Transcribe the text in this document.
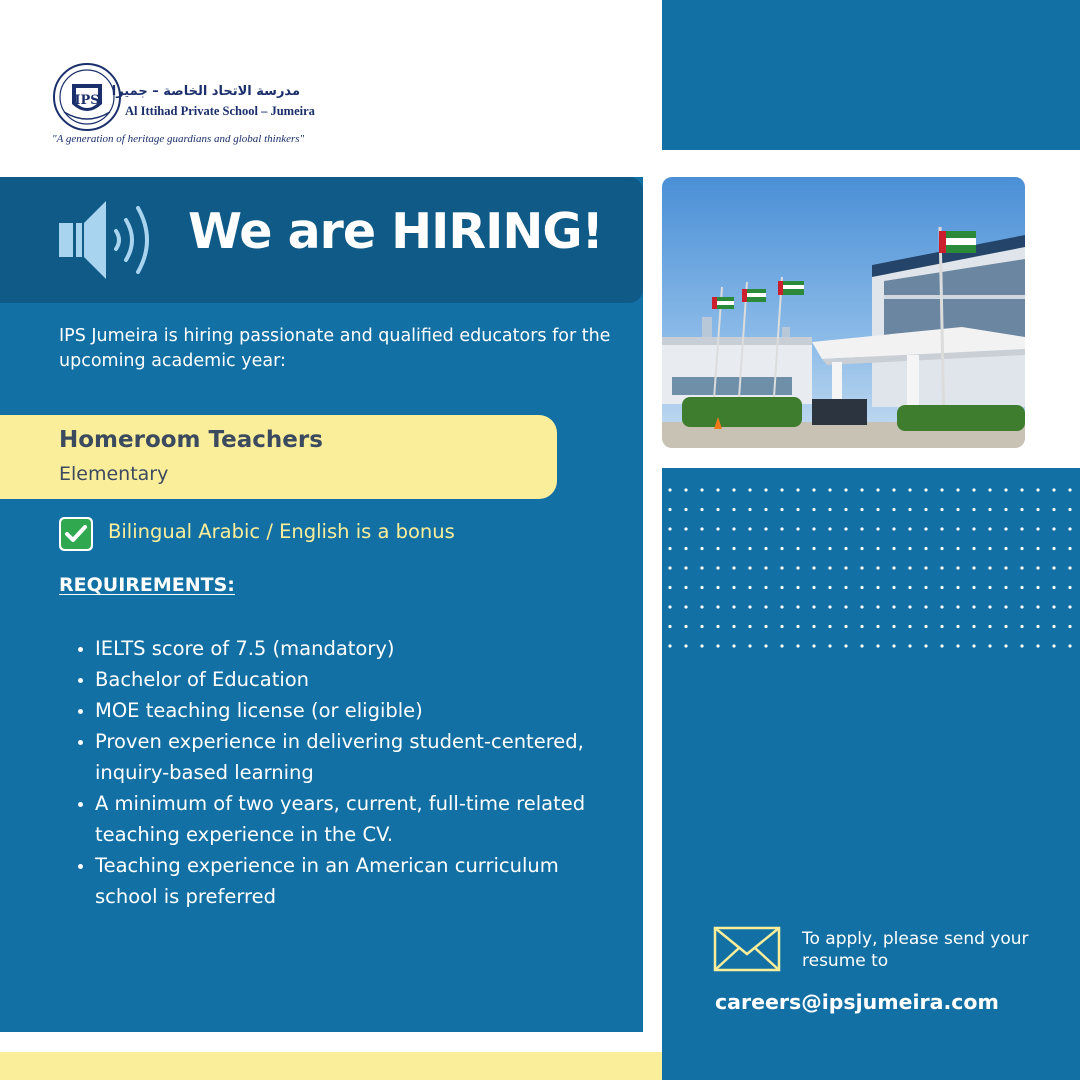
IPS
مدرسة الاتحاد الخاصة – جميرا
Al Ittihad Private School – Jumeira
"A generation of heritage guardians and global thinkers"
We are HIRING!
IPS Jumeira is hiring passionate and qualified educators for the upcoming academic year:
Homeroom Teachers
Elementary
Bilingual Arabic / English is a bonus
REQUIREMENTS:
• IELTS score of 7.5 (mandatory)
• Bachelor of Education
• MOE teaching license (or eligible)
• Proven experience in delivering student-centered, inquiry-based learning
• A minimum of two years, current, full-time related teaching experience in the CV.
• Teaching experience in an American curriculum school is preferred
To apply, please send your resume to
careers@ipsjumeira.com
